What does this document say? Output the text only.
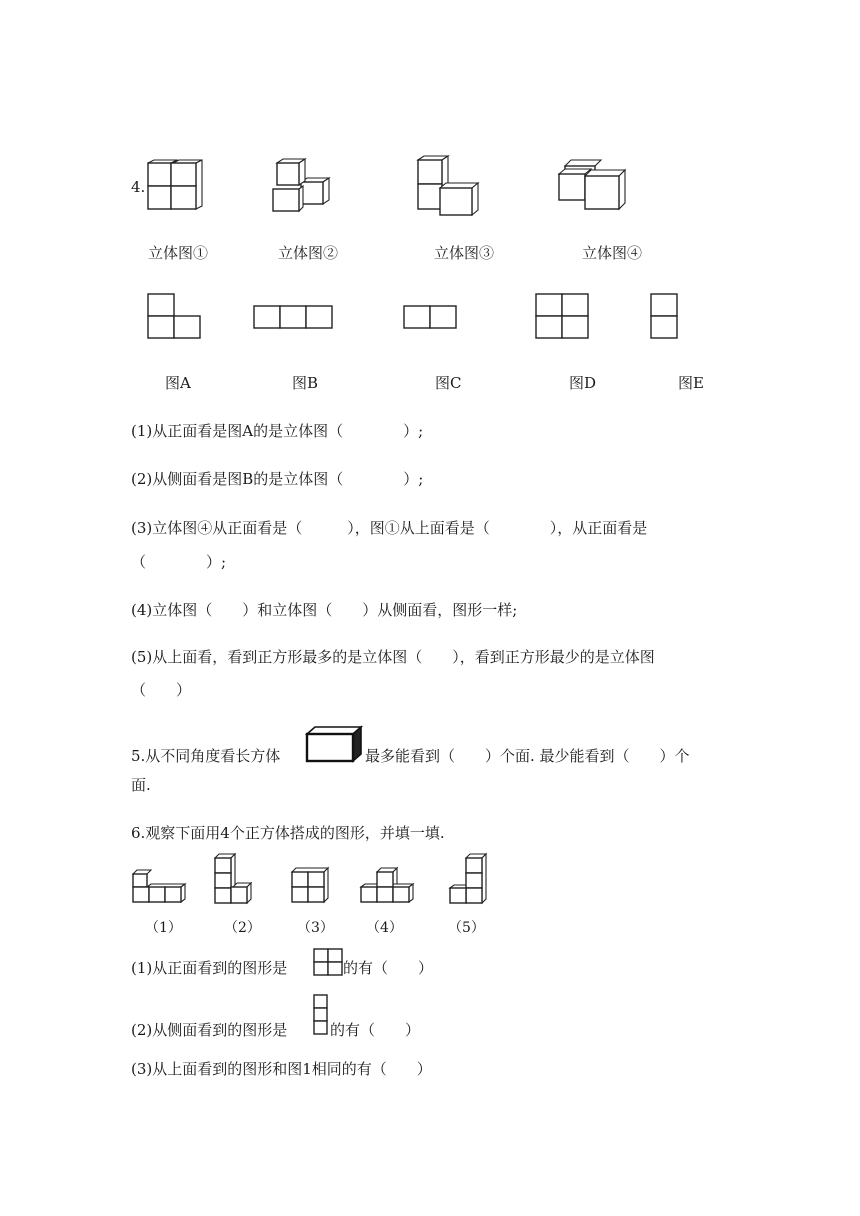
4.
立体图①	立体图②	立体图③	立体图④
图A	图B	图C	图D	图E
(1)从正面看是图A的是立体图（　　　　）;
(2)从侧面看是图B的是立体图（　　　　）;
(3)立体图④从正面看是（　　　），图①从上面看是（　　　　），从正面看是
（　　　　）;
(4)立体图（　　）和立体图（　　）从侧面看，图形一样;
(5)从上面看，看到正方形最多的是立体图（　　），看到正方形最少的是立体图
（　　）
5.从不同角度看长方体	最多能看到（　　）个面. 最少能看到（　　）个
面.
6.观察下面用4个正方体搭成的图形，并填一填.
（1）	（2）	（3） （4）	（5）
(1)从正面看到的图形是	的有（　　）
(2)从侧面看到的图形是	的有（　　）
(3)从上面看到的图形和图1相同的有（　　）
